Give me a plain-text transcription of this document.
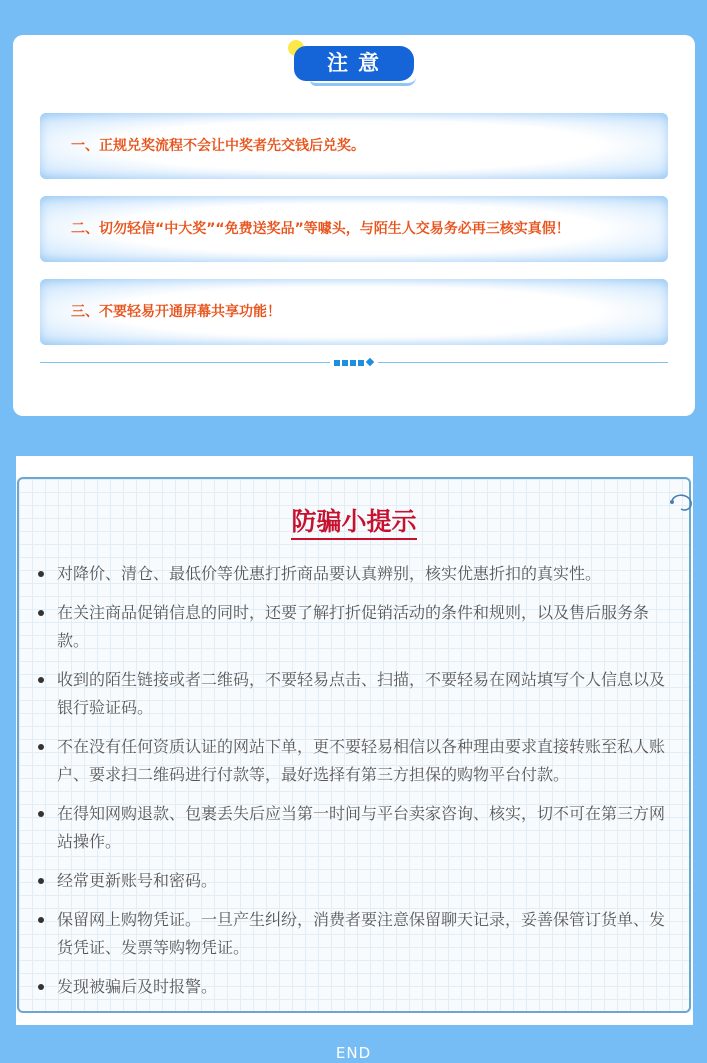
注意
一、正规兑奖流程不会让中奖者先交钱后兑奖。
二、切勿轻信“中大奖”“免费送奖品”等噱头，与陌生人交易务必再三核实真假！
三、不要轻易开通屏幕共享功能！
防骗小提示
对降价、清仓、最低价等优惠打折商品要认真辨别，核实优惠折扣的真实性。
在关注商品促销信息的同时，还要了解打折促销活动的条件和规则，以及售后服务条款。
收到的陌生链接或者二维码，不要轻易点击、扫描，不要轻易在网站填写个人信息以及银行验证码。
不在没有任何资质认证的网站下单，更不要轻易相信以各种理由要求直接转账至私人账户、要求扫二维码进行付款等，最好选择有第三方担保的购物平台付款。
在得知网购退款、包裹丢失后应当第一时间与平台卖家咨询、核实，切不可在第三方网站操作。
经常更新账号和密码。
保留网上购物凭证。一旦产生纠纷，消费者要注意保留聊天记录，妥善保管订货单、发货凭证、发票等购物凭证。
发现被骗后及时报警。
END
